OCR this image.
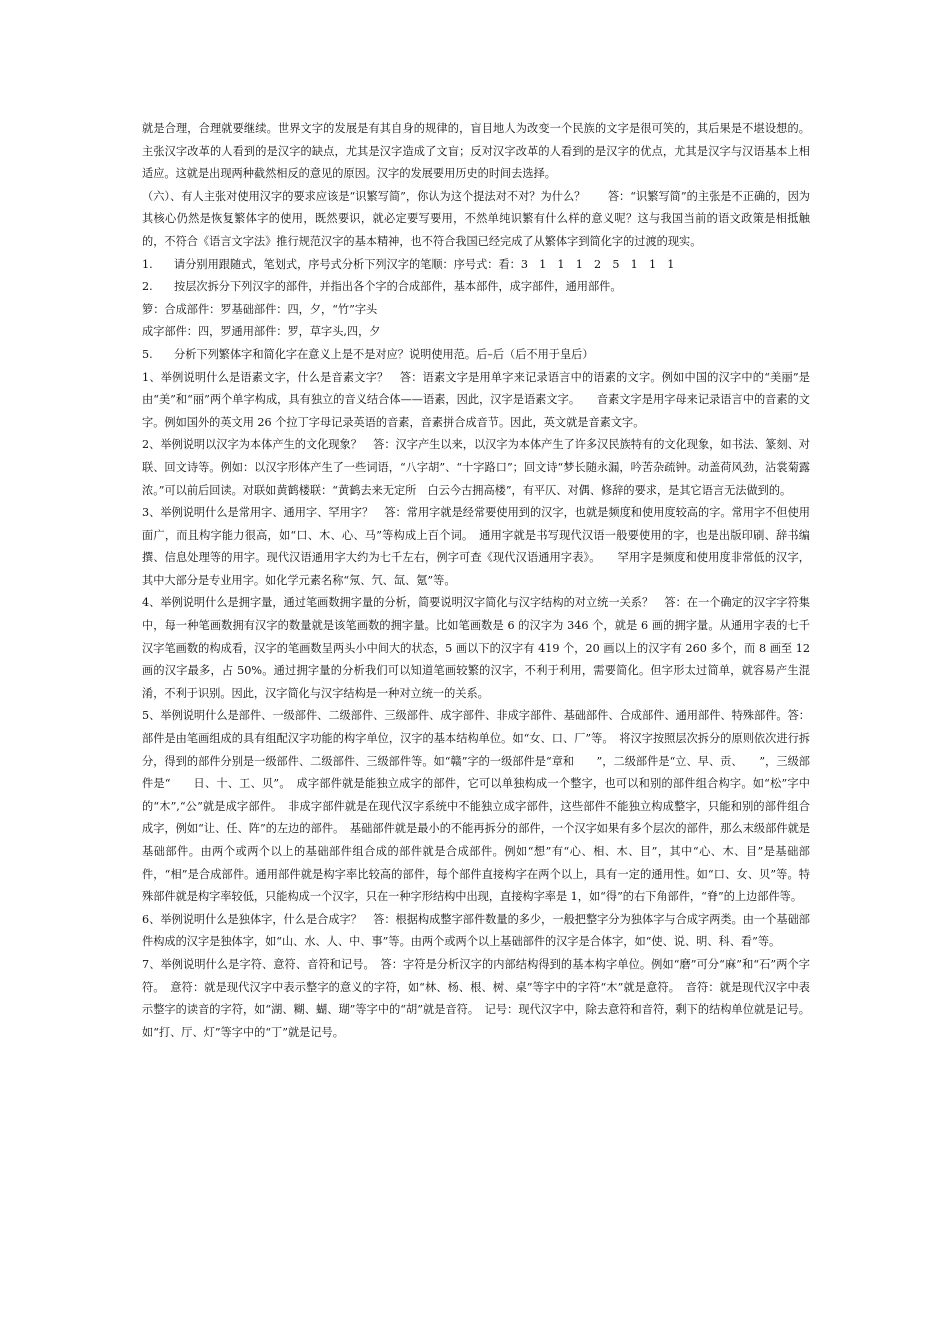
就是合理，合理就要继续。世界文字的发展是有其自身的规律的，盲目地人为改变一个民族的文字是很可笑的，其后果是不堪设想的。主张汉字改革的人看到的是汉字的缺点，尤其是汉字造成了文盲；反对汉字改革的人看到的是汉字的优点，尤其是汉字与汉语基本上相适应。这就是出现两种截然相反的意见的原因。汉字的发展要用历史的时间去选择。

（六）、有人主张对使用汉字的要求应该是“识繁写简”，你认为这个提法对不对？为什么？　　答：“识繁写简”的主张是不正确的，因为其核心仍然是恢复繁体字的使用，既然要识，就必定要写要用，不然单纯识繁有什么样的意义呢？这与我国当前的语文政策是相抵触的，不符合《语言文字法》推行规范汉字的基本精神，也不符合我国已经完成了从繁体字到简化字的过渡的现实。

1. 请分别用跟随式，笔划式，序号式分析下列汉字的笔顺：序号式：看：3　1　1　1　2　5　1　1　1

2. 按层次拆分下列汉字的部件，并指出各个字的合成部件，基本部件，成字部件，通用部件。

箩：合成部件：罗基础部件：四，夕，“竹”字头

成字部件：四，罗通用部件：罗，草字头,四，夕

5. 分析下列繁体字和简化字在意义上是不是对应？说明使用范。后–后（后不用于皇后）

1、举例说明什么是语素文字，什么是音素文字？　答：语素文字是用单字来记录语言中的语素的文字。例如中国的汉字中的“美丽”是由“美”和“丽”两个单字构成，具有独立的音义结合体——语素，因此，汉字是语素文字。　　音素文字是用字母来记录语言中的音素的文字。例如国外的英文用 26 个拉丁字母记录英语的音素，音素拼合成音节。因此，英文就是音素文字。

2、举例说明以汉字为本体产生的文化现象？　答：汉字产生以来，以汉字为本体产生了许多汉民族特有的文化现象，如书法、篆刻、对联、回文诗等。例如：以汉字形体产生了一些词语，“八字胡”、“十字路口”；回文诗“梦长随永漏，吟苦杂疏钟。动盖荷风劲，沾裳菊露浓。”可以前后回读。对联如黄鹤楼联：“黄鹤去来无定所　白云今古拥高楼”，有平仄、对偶、修辞的要求，是其它语言无法做到的。

3、举例说明什么是常用字、通用字、罕用字？　答：常用字就是经常要使用到的汉字，也就是频度和使用度较高的字。常用字不但使用面广，而且构字能力很高，如“口、木、心、马”等构成上百个词。　通用字就是书写现代汉语一般要使用的字，也是出版印刷、辞书编撰、信息处理等的用字。现代汉语通用字大约为七千左右，例字可查《现代汉语通用字表》。　　罕用字是频度和使用度非常低的汉字，其中大部分是专业用字。如化学元素名称“氖、氕、氙、氪”等。

4、举例说明什么是拥字量，通过笔画数拥字量的分析，简要说明汉字简化与汉字结构的对立统一关系？　答：在一个确定的汉字字符集中，每一种笔画数拥有汉字的数量就是该笔画数的拥字量。比如笔画数是 6 的汉字为 346 个，就是 6 画的拥字量。从通用字表的七千汉字笔画数的构成看，汉字的笔画数呈两头小中间大的状态，5 画以下的汉字有 419 个，20 画以上的汉字有 260 多个，而 8 画至 12 画的汉字最多，占 50%。通过拥字量的分析我们可以知道笔画较繁的汉字，不利于利用，需要简化。但字形太过简单，就容易产生混淆，不利于识别。因此，汉字简化与汉字结构是一种对立统一的关系。

5、举例说明什么是部件、一级部件、二级部件、三级部件、成字部件、非成字部件、基础部件、合成部件、通用部件、特殊部件。答：部件是由笔画组成的具有组配汉字功能的构字单位，汉字的基本结构单位。如“女、口、厂”等。　将汉字按照层次拆分的原则依次进行拆分，得到的部件分别是一级部件、二级部件、三级部件等。如“赣”字的一级部件是“章和　　”，二级部件是“立、早、贡、　　”，三级部件是“　　日、十、工、贝”。　成字部件就是能独立成字的部件，它可以单独构成一个整字，也可以和别的部件组合构字。如“松”字中的“木”,“公”就是成字部件。　非成字部件就是在现代汉字系统中不能独立成字部件，这些部件不能独立构成整字，只能和别的部件组合成字，例如“让、任、阵”的左边的部件。　基础部件就是最小的不能再拆分的部件，一个汉字如果有多个层次的部件，那么末级部件就是基础部件。由两个或两个以上的基础部件组合成的部件就是合成部件。例如“想”有“心、相、木、目”，其中“心、木、目”是基础部件，“相”是合成部件。通用部件就是构字率比较高的部件，每个部件直接构字在两个以上，具有一定的通用性。如“口、女、贝”等。特殊部件就是构字率较低，只能构成一个汉字，只在一种字形结构中出现，直接构字率是 1，如“得”的右下角部件，“脊”的上边部件等。

6、举例说明什么是独体字，什么是合成字？　答：根据构成整字部件数量的多少，一般把整字分为独体字与合成字两类。由一个基础部件构成的汉字是独体字，如“山、水、人、中、事”等。由两个或两个以上基础部件的汉字是合体字，如“使、说、明、科、看”等。

7、举例说明什么是字符、意符、音符和记号。　答：字符是分析汉字的内部结构得到的基本构字单位。例如“磨”可分“麻”和“石”两个字符。　意符：就是现代汉字中表示整字的意义的字符，如“林、杨、根、树、桌”等字中的字符“木”就是意符。　音符：就是现代汉字中表示整字的读音的字符，如“湖、糊、蝴、瑚”等字中的“胡”就是音符。　记号：现代汉字中，除去意符和音符，剩下的结构单位就是记号。如“打、厅、灯”等字中的“丁”就是记号。
